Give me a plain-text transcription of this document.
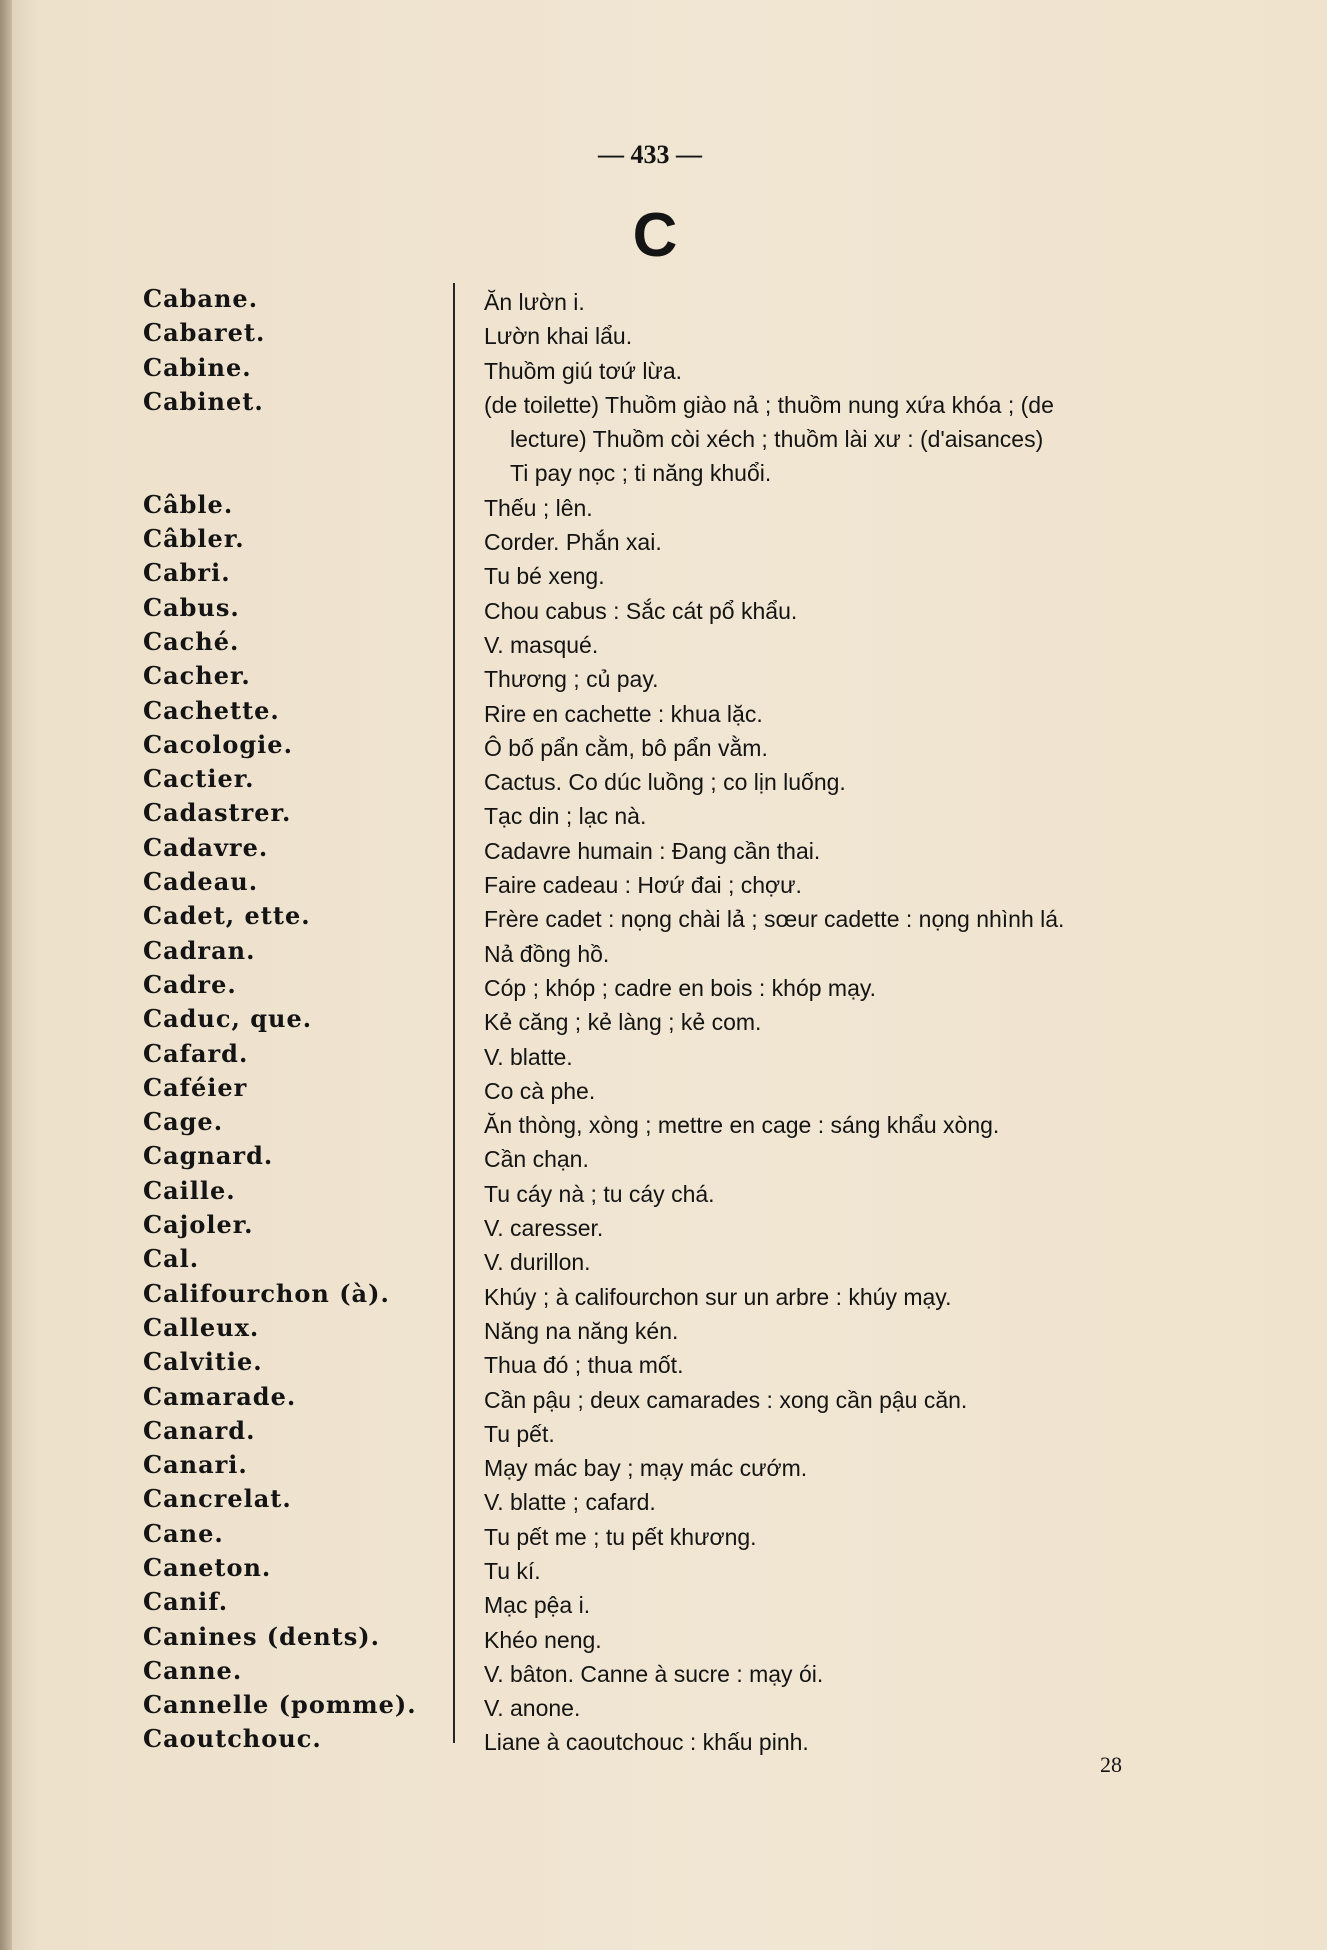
— 433 —
C
Cabane.	Ăn lườn i.
Cabaret.	Lườn khai lẩu.
Cabine.	Thuồm giú tơứ lừa.
Cabinet.	(de toilette) Thuồm giào nả ; thuồm nung xứa khóa ; (de
lecture) Thuồm còi xéch ; thuồm lài xư : (d'aisances)
Ti pay nọc ; ti năng khuổi.
Câble.	Thếu ; lên.
Câbler.	Corder. Phắn xai.
Cabri.	Tu bé xeng.
Cabus.	Chou cabus : Sắc cát pổ khẩu.
Caché.	V. masqué.
Cacher.	Thương ; củ pay.
Cachette.	Rire en cachette : khua lặc.
Cacologie.	Ô bố pẩn cằm, bô pẩn vằm.
Cactier.	Cactus. Co dúc luồng ; co lịn luống.
Cadastrer.	Tạc din ; lạc nà.
Cadavre.	Cadavre humain : Đang cần thai.
Cadeau.	Faire cadeau : Hơứ đai ; chợư.
Cadet, ette.	Frère cadet : nọng chài lả ; sœur cadette : nọng nhình lá.
Cadran.	Nả đồng hồ.
Cadre.	Cóp ; khóp ; cadre en bois : khóp mạy.
Caduc, que.	Kẻ căng ; kẻ làng ; kẻ com.
Cafard.	V. blatte.
Caféier	Co cà phe.
Cage.	Ăn thòng, xòng ; mettre en cage : sáng khẩu xòng.
Cagnard.	Cần chạn.
Caille.	Tu cáy nà ; tu cáy chá.
Cajoler.	V. caresser.
Cal.	V. durillon.
Califourchon (à).	Khúy ; à califourchon sur un arbre : khúy mạy.
Calleux.	Năng na năng kén.
Calvitie.	Thua đó ; thua mốt.
Camarade.	Cần pậu ; deux camarades : xong cần pậu căn.
Canard.	Tu pết.
Canari.	Mạy mác bay ; mạy mác cướm.
Cancrelat.	V. blatte ; cafard.
Cane.	Tu pết me ; tu pết khương.
Caneton.	Tu kí.
Canif.	Mạc pệa i.
Canines (dents).	Khéo neng.
Canne.	V. bâton. Canne à sucre : mạy ói.
Cannelle (pomme).	V. anone.
Caoutchouc.	Liane à caoutchouc : khấu pinh.
28
